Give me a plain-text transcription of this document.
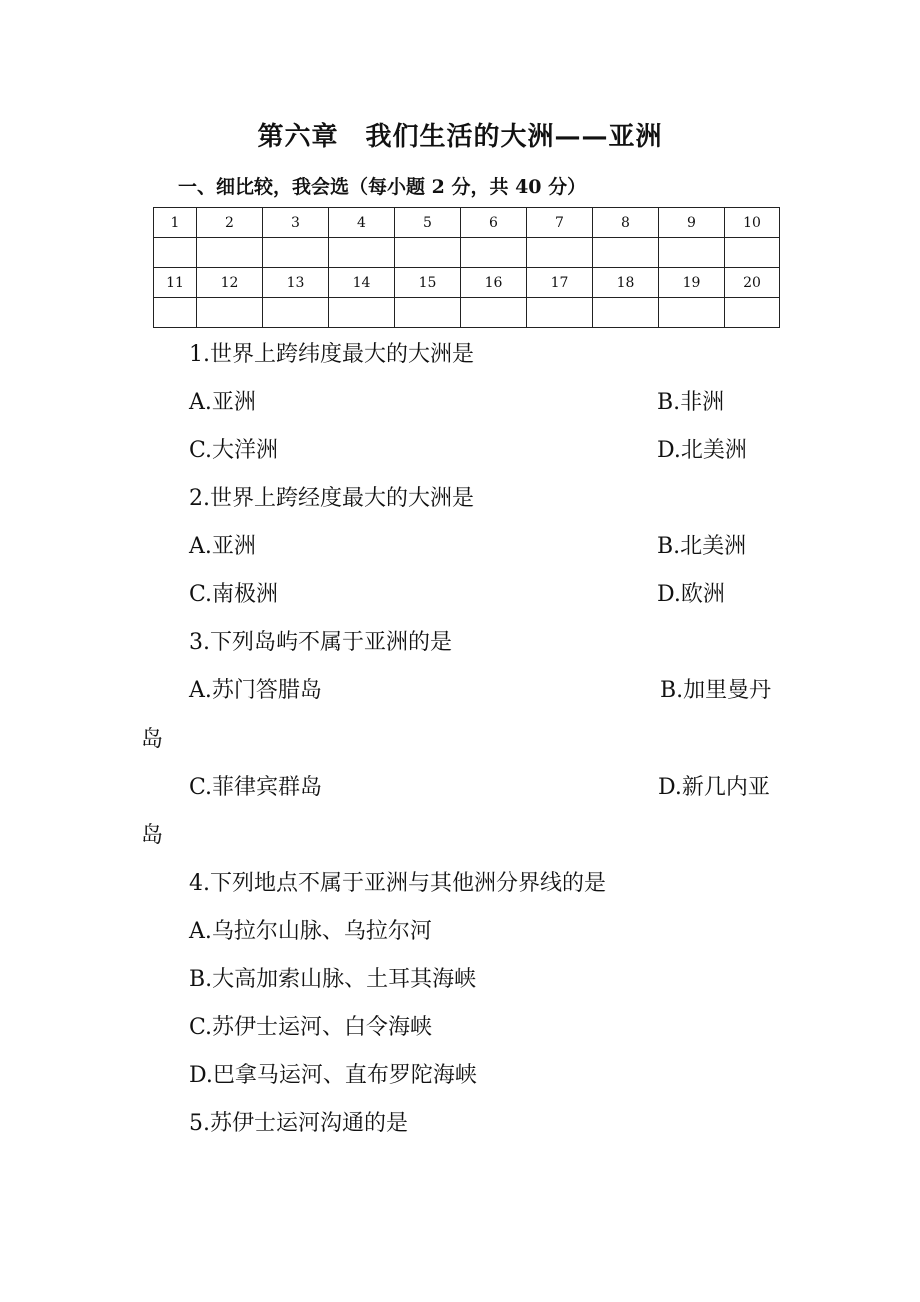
第六章　我们生活的大洲——亚洲
一、细比较，我会选（每小题 2 分，共 40 分）
1	2	3	4	5	6	7	8	9	10

11	12	13	14	15	16	17	18	19	20

1.世界上跨纬度最大的大洲是
A.亚洲	B.非洲
C.大洋洲	D.北美洲
2.世界上跨经度最大的大洲是
A.亚洲	B.北美洲
C.南极洲	D.欧洲
3.下列岛屿不属于亚洲的是
A.苏门答腊岛	B.加里曼丹
岛
C.菲律宾群岛	D.新几内亚
岛
4.下列地点不属于亚洲与其他洲分界线的是
A.乌拉尔山脉、乌拉尔河
B.大高加索山脉、土耳其海峡
C.苏伊士运河、白令海峡
D.巴拿马运河、直布罗陀海峡
5.苏伊士运河沟通的是
